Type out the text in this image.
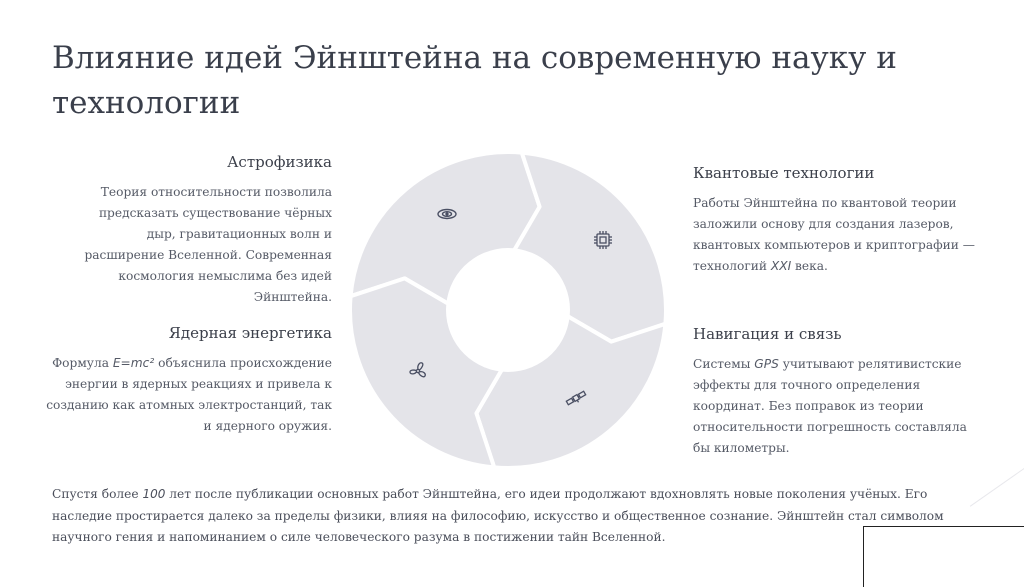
Влияние идей Эйнштейна на современную науку и технологии
Астрофизика

Теория относительности позволила предсказать существование чёрных дыр, гравитационных волн и расширение Вселенной. Современная космология немыслима без идей Эйнштейна.

Ядерная энергетика

Формула E=mc² объяснила происхождение энергии в ядерных реакциях и привела к созданию как атомных электростанций, так и ядерного оружия.

Квантовые технологии

Работы Эйнштейна по квантовой теории заложили основу для создания лазеров, квантовых компьютеров и криптографии — технологий XXI века.

Навигация и связь

Системы GPS учитывают релятивистские эффекты для точного определения координат. Без поправок из теории относительности погрешность составляла бы километры.

Спустя более 100 лет после публикации основных работ Эйнштейна, его идеи продолжают вдохновлять новые поколения учёных. Его наследие простирается далеко за пределы физики, влияя на философию, искусство и общественное сознание. Эйнштейн стал символом научного гения и напоминанием о силе человеческого разума в постижении тайн Вселенной.
